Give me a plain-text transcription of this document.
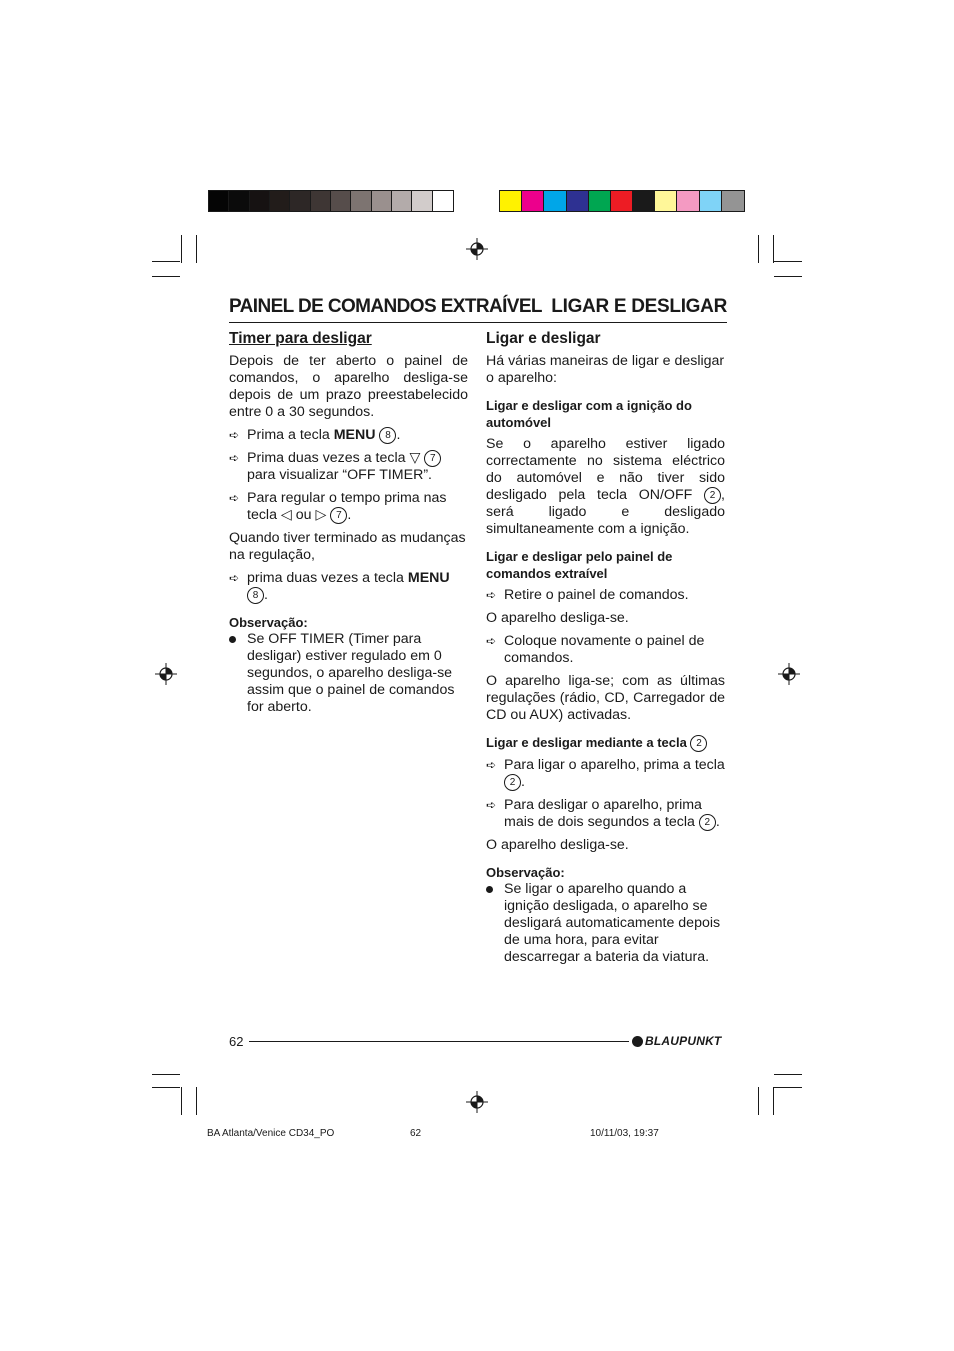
PAINEL DE COMANDOS EXTRAÍVEL LIGAR E DESLIGAR

Timer para desligar

Depois de ter aberto o painel de comandos, o aparelho desliga-se depois de um prazo preestabelecido entre 0 a 30 segundos.

➪ Prima a tecla MENU 8 .

➪ Prima duas vezes a tecla ▽ 7
para visualizar “OFF TIMER”.

➪ Para regular o tempo prima nas tecla ◁ ou ▷ 7 .

Quando tiver terminado as mudanças na regulação,

➪ prima duas vezes a tecla MENU
8 .

Observação:

Se OFF TIMER (Timer para desligar) estiver regulado em 0 segundos, o aparelho desliga-se assim que o painel de comandos for aberto.

Ligar e desligar

Há várias maneiras de ligar e desligar o aparelho:

Ligar e desligar com a ignição do automóvel

Se o aparelho estiver ligado correctamente no sistema eléctrico do automóvel e não tiver sido desligado pela tecla ON/OFF 2 , será ligado e desligado simultaneamente com a ignição.

Ligar e desligar pelo painel de comandos extraível

➪ Retire o painel de comandos.

O aparelho desliga-se.

➪ Coloque novamente o painel de comandos.

O aparelho liga-se; com as últimas regulações (rádio, CD, Carregador de CD ou AUX) activadas.

Ligar e desligar mediante a tecla 2

➪ Para ligar o aparelho, prima a tecla
2 .

➪ Para desligar o aparelho, prima mais de dois segundos a tecla 2 .

O aparelho desliga-se.

Observação:

Se ligar o aparelho quando a ignição desligada, o aparelho se desligará automaticamente depois de uma hora, para evitar descarregar a bateria da viatura.

62	BLAUPUNKT
BA Atlanta/Venice CD34_PO	62	10/11/03, 19:37
